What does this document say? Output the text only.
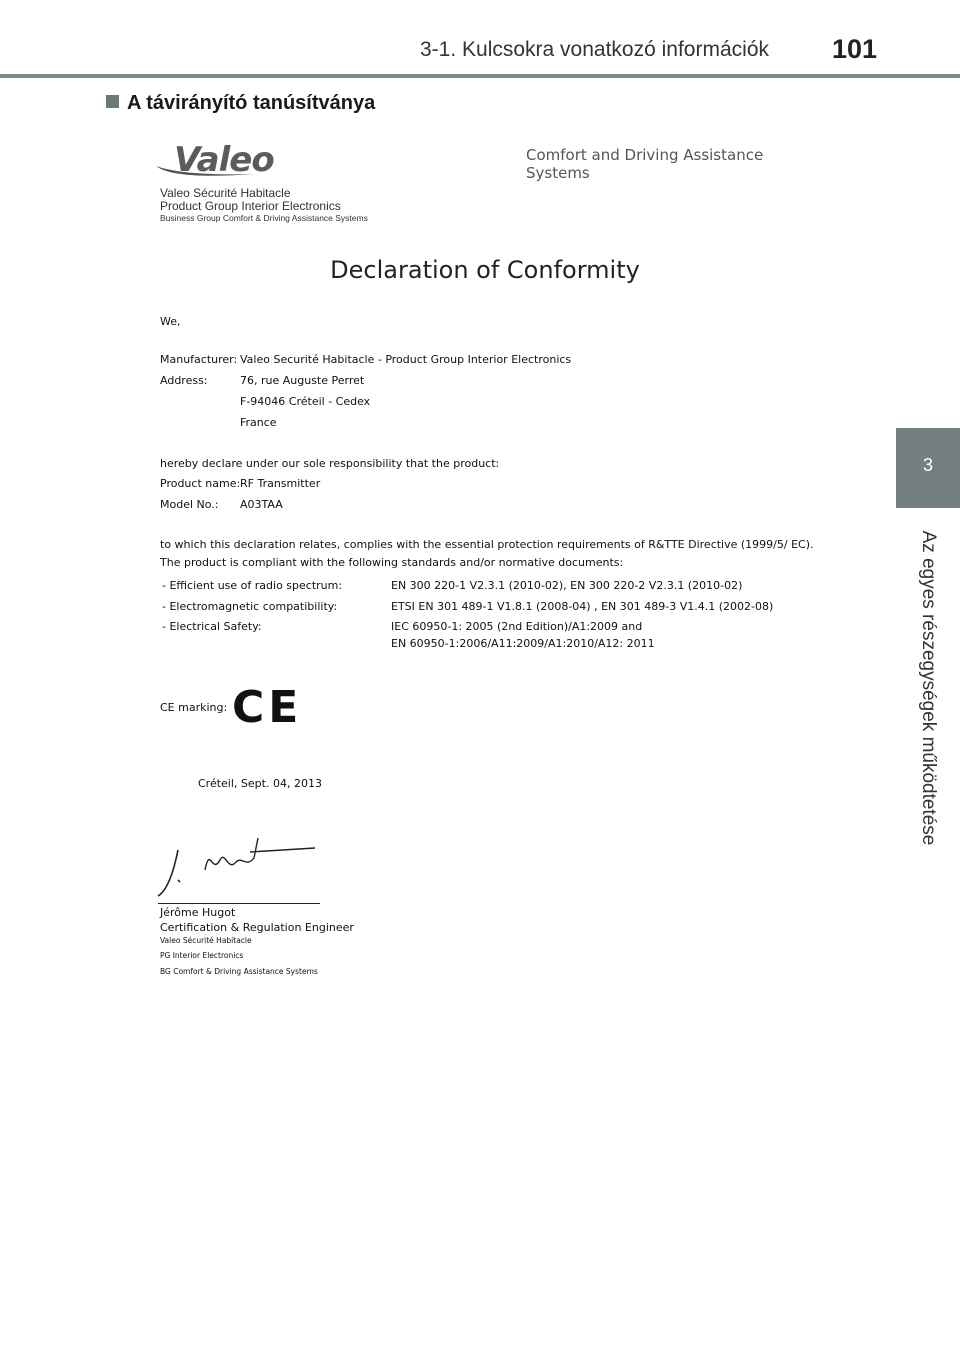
3-1. Kulcsokra vonatkozó információk 101
3
Az egyes részegységek működtetése
A távirányító tanúsítványa
Valeo	Comfort and Driving Assistance Systems
Valeo Sécurité Habitacle
Product Group Interior Electronics
Business Group Comfort & Driving Assistance Systems
Declaration of Conformity
We,
Manufacturer: Valeo Securité Habitacle - Product Group Interior Electronics
Address:	76, rue Auguste Perret
F-94046 Créteil - Cedex
France
hereby declare under our sole responsibility that the product:
Product name:RF Transmitter
Model No.: A03TAA
to which this declaration relates, complies with the essential protection requirements of R&TTE Directive (1999/5/ EC).
The product is compliant with the following standards and/or normative documents:
- Efficient use of radio spectrum:	EN 300 220-1 V2.3.1 (2010-02), EN 300 220-2 V2.3.1 (2010-02)
- Electromagnetic compatibility:	ETSI EN 301 489-1 V1.8.1 (2008-04) , EN 301 489-3 V1.4.1 (2002-08)
- Electrical Safety:	IEC 60950-1: 2005 (2nd Edition)/A1:2009 and
EN 60950-1:2006/A11:2009/A1:2010/A12: 2011
CE marking: CE
Créteil, Sept. 04, 2013
Jérôme Hugot
Certification & Regulation Engineer
Valeo Sécurité Habitacle
PG Interior Electronics
BG Comfort & Driving Assistance Systems
